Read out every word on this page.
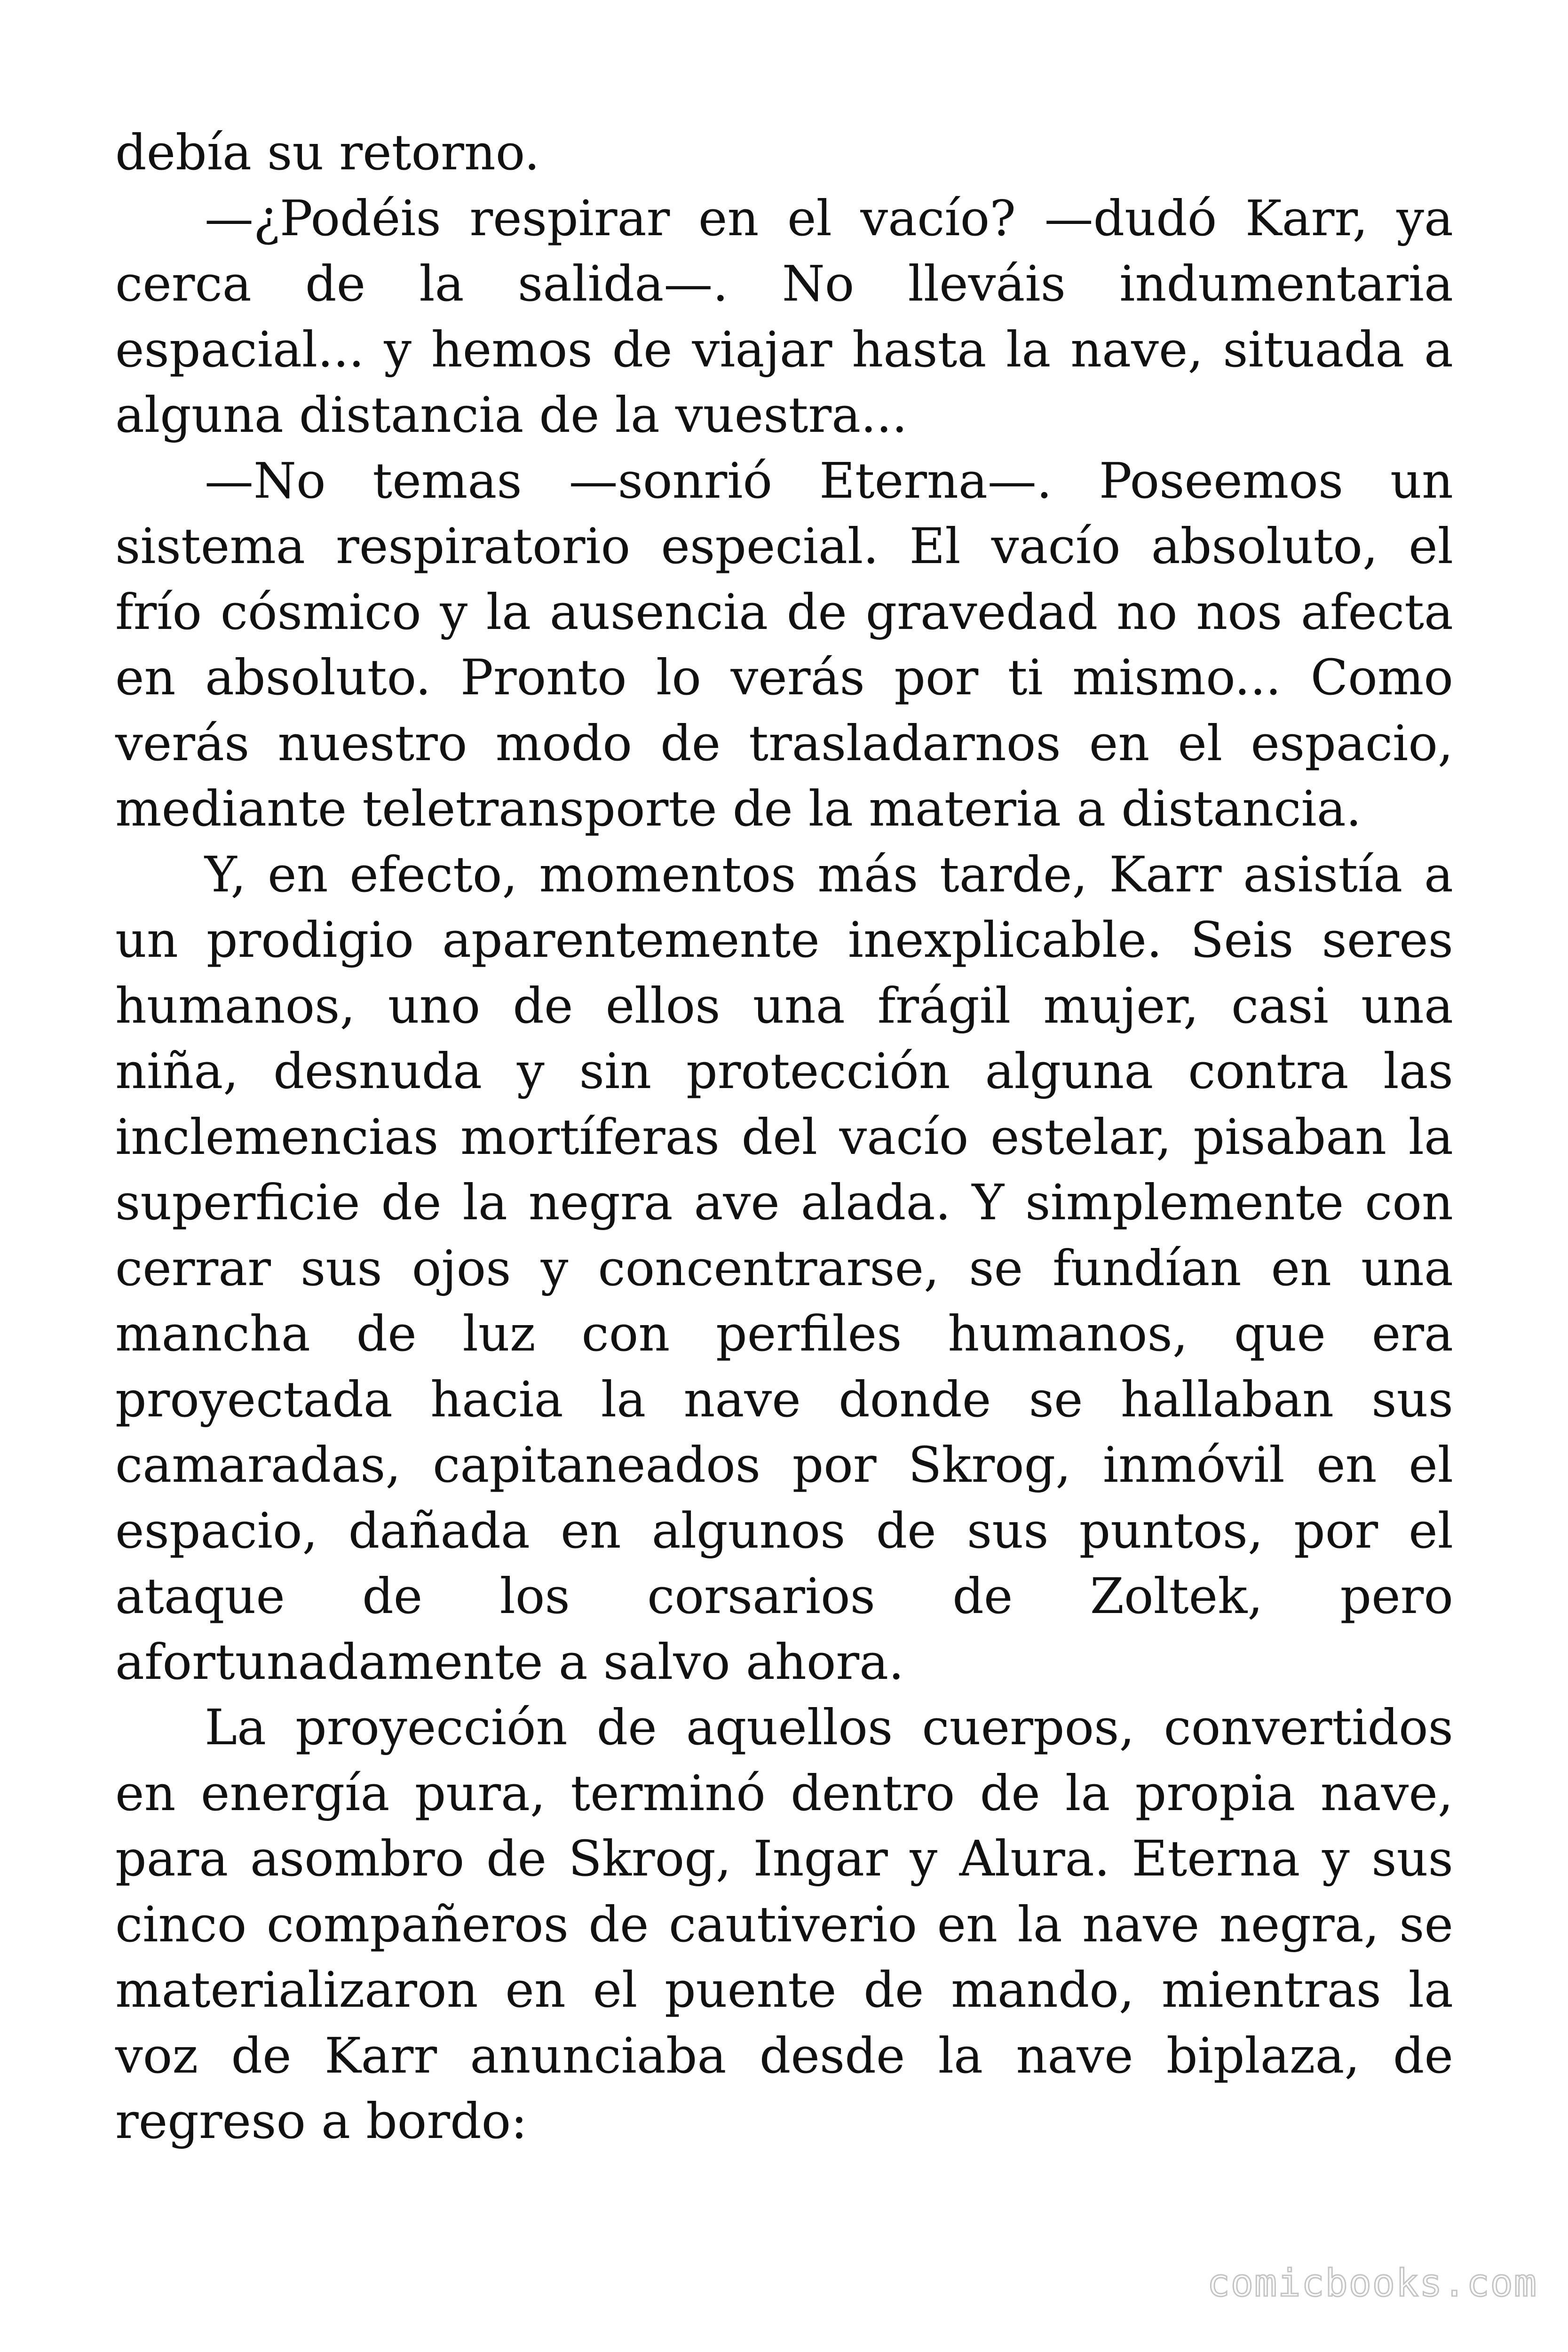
debía su retorno.

—¿Podéis respirar en el vacío? —dudó Karr, ya cerca de la salida—. No lleváis indumentaria espacial... y hemos de viajar hasta la nave, situada a alguna distancia de la vuestra...

—No temas —sonrió Eterna—. Poseemos un sistema respiratorio especial. El vacío absoluto, el frío cósmico y la ausencia de gravedad no nos afecta en absoluto. Pronto lo verás por ti mismo... Como verás nuestro modo de trasladarnos en el espacio, mediante teletransporte de la materia a distancia.

Y, en efecto, momentos más tarde, Karr asistía a un prodigio aparentemente inexplicable. Seis seres humanos, uno de ellos una frágil mujer, casi una niña, desnuda y sin protección alguna contra las inclemencias mortíferas del vacío estelar, pisaban la superficie de la negra ave alada. Y simplemente con cerrar sus ojos y concentrarse, se fundían en una mancha de luz con perfiles humanos, que era proyectada hacia la nave donde se hallaban sus camaradas, capitaneados por Skrog, inmóvil en el espacio, dañada en algunos de sus puntos, por el ataque de los corsarios de Zoltek, pero afortunadamente a salvo ahora.

La proyección de aquellos cuerpos, convertidos en energía pura, terminó dentro de la propia nave, para asombro de Skrog, Ingar y Alura. Eterna y sus cinco compañeros de cautiverio en la nave negra, se materializaron en el puente de mando, mientras la voz de Karr anunciaba desde la nave biplaza, de regreso a bordo:

comicbooks.com
